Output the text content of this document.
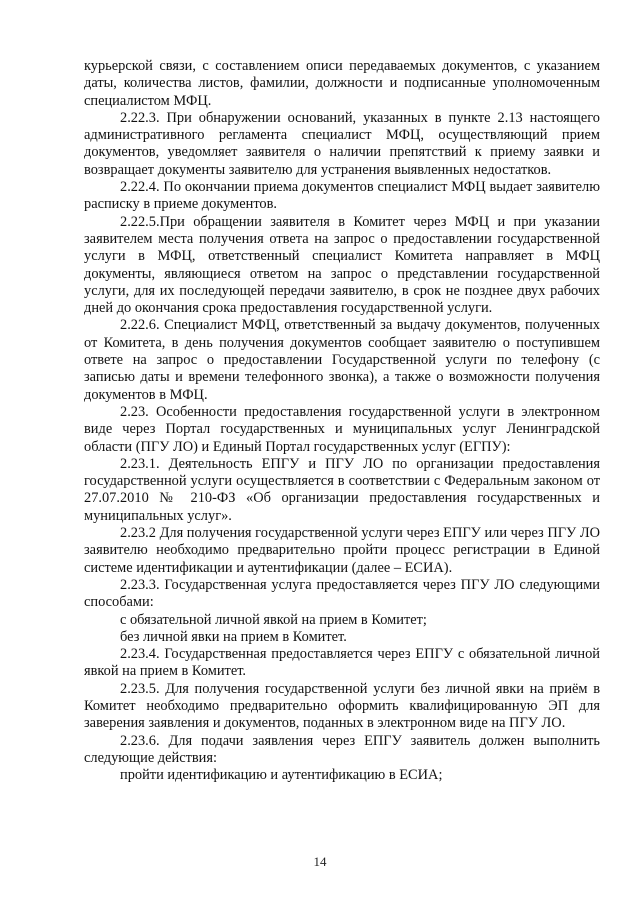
курьерской связи, с составлением описи передаваемых документов, с указанием даты, количества листов, фамилии, должности и подписанные уполномоченным специалистом МФЦ.

2.22.3. При обнаружении оснований, указанных в пункте 2.13 настоящего административного регламента специалист МФЦ, осуществляющий прием документов, уведомляет заявителя о наличии препятствий к приему заявки и возвращает документы заявителю для устранения выявленных недостатков.

2.22.4. По окончании приема документов специалист МФЦ выдает заявителю расписку в приеме документов.

2.22.5.При обращении заявителя в Комитет через МФЦ и при указании заявителем места получения ответа на запрос о предоставлении государственной услуги в МФЦ, ответственный специалист Комитета направляет в МФЦ документы, являющиеся ответом на запрос о представлении государственной услуги, для их последующей передачи заявителю, в срок не позднее двух рабочих дней до окончания срока предоставления государственной услуги.

2.22.6. Специалист МФЦ, ответственный за выдачу документов, полученных от Комитета, в день получения документов сообщает заявителю о поступившем ответе на запрос о предоставлении Государственной услуги по телефону (с записью даты и времени телефонного звонка), а также о возможности получения документов в МФЦ.

2.23. Особенности предоставления государственной услуги в электронном виде через Портал государственных и муниципальных услуг Ленинградской области (ПГУ ЛО) и Единый Портал государственных услуг (ЕГПУ):

2.23.1. Деятельность ЕПГУ и ПГУ ЛО по организации предоставления государственной услуги осуществляется в соответствии с Федеральным законом от 27.07.2010 № 210-ФЗ «Об организации предоставления государственных и муниципальных услуг».

2.23.2 Для получения государственной услуги через ЕПГУ или через ПГУ ЛО заявителю необходимо предварительно пройти процесс регистрации в Единой системе идентификации и аутентификации (далее – ЕСИА).

2.23.3. Государственная услуга предоставляется через ПГУ ЛО следующими способами:

с обязательной личной явкой на прием в Комитет;

без личной явки на прием в Комитет.

2.23.4. Государственная предоставляется через ЕПГУ с обязательной личной явкой на прием в Комитет.

2.23.5. Для получения государственной услуги без личной явки на приём в Комитет необходимо предварительно оформить квалифицированную ЭП для заверения заявления и документов, поданных в электронном виде на ПГУ ЛО.

2.23.6. Для подачи заявления через ЕПГУ заявитель должен выполнить следующие действия:

пройти идентификацию и аутентификацию в ЕСИА;

14
